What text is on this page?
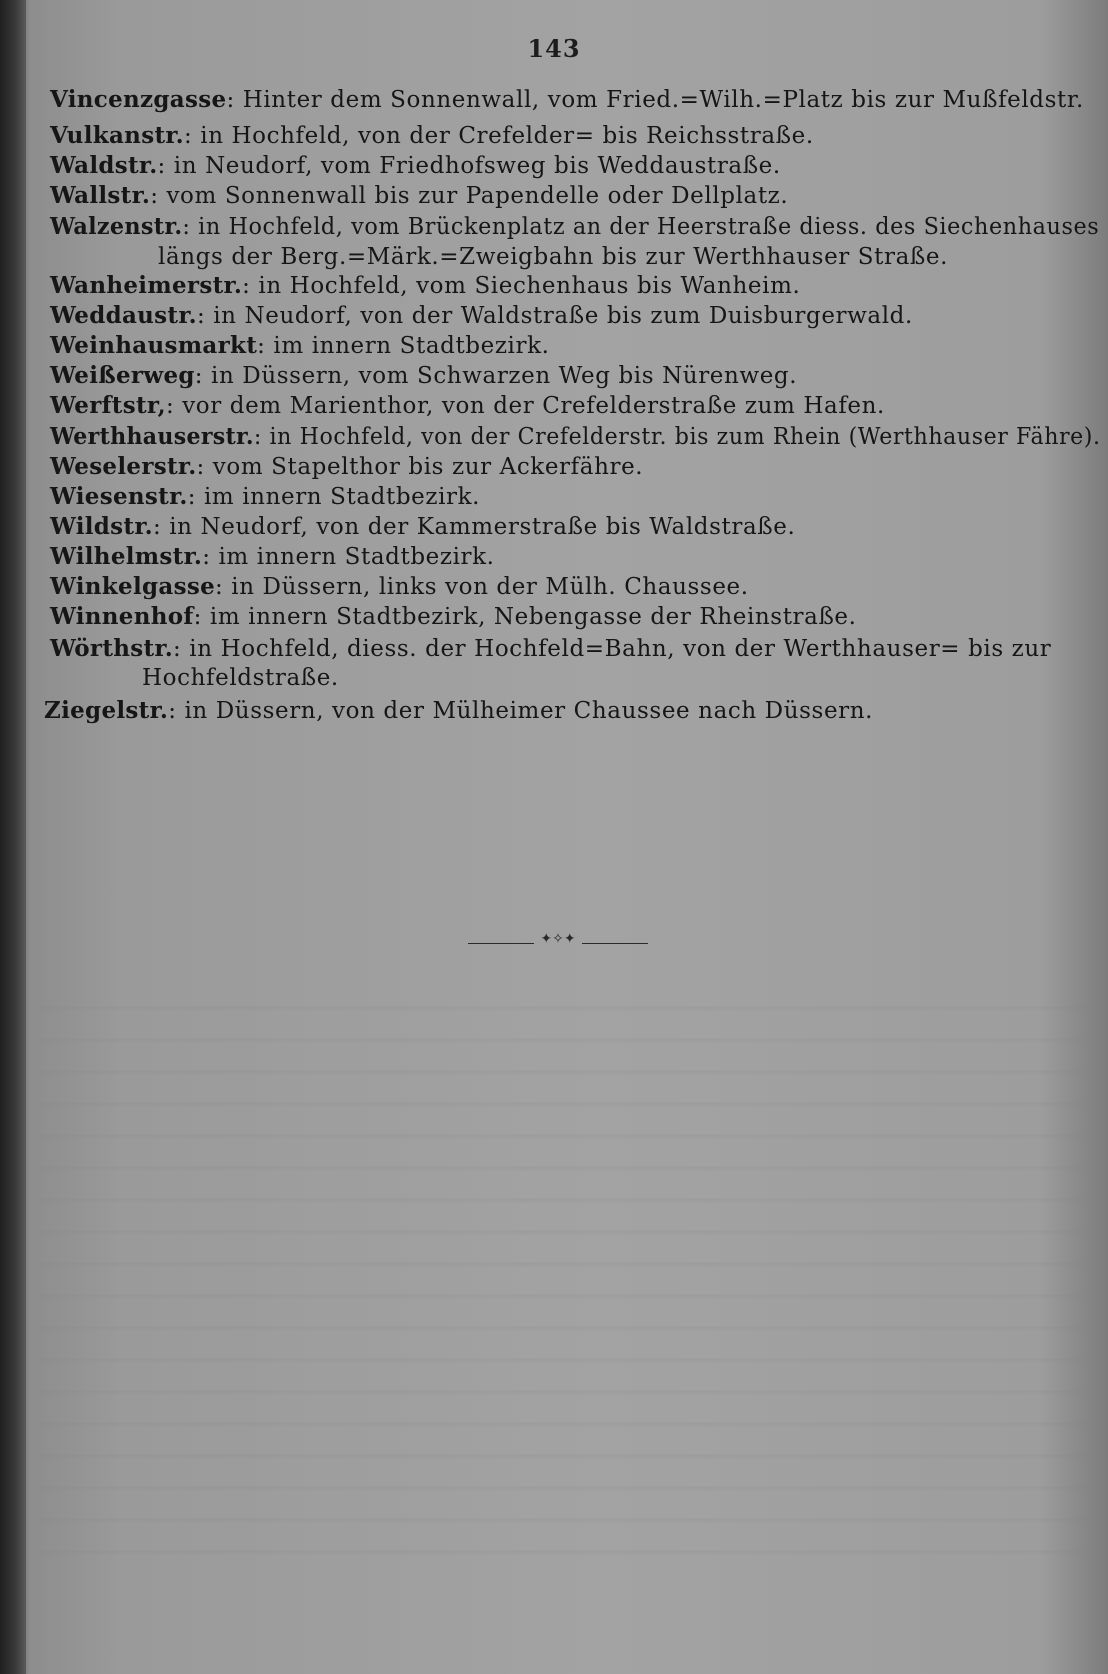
143
Vincenzgasse: Hinter dem Sonnenwall, vom Fried.=Wilh.=Platz bis zur Mußfeldstr.
Vulkanstr.: in Hochfeld, von der Crefelder= bis Reichsstraße.
Waldstr.: in Neudorf, vom Friedhofsweg bis Weddaustraße.
Wallstr.: vom Sonnenwall bis zur Papendelle oder Dellplatz.
Walzenstr.: in Hochfeld, vom Brückenplatz an der Heerstraße diess. des Siechenhauses
längs der Berg.=Märk.=Zweigbahn bis zur Werthhauser Straße.
Wanheimerstr.: in Hochfeld, vom Siechenhaus bis Wanheim.
Weddaustr.: in Neudorf, von der Waldstraße bis zum Duisburgerwald.
Weinhausmarkt: im innern Stadtbezirk.
Weißerweg: in Düssern, vom Schwarzen Weg bis Nürenweg.
Werftstr,: vor dem Marienthor, von der Crefelderstraße zum Hafen.
Werthhauserstr.: in Hochfeld, von der Crefelderstr. bis zum Rhein (Werthhauser Fähre).
Weselerstr.: vom Stapelthor bis zur Ackerfähre.
Wiesenstr.: im innern Stadtbezirk.
Wildstr.: in Neudorf, von der Kammerstraße bis Waldstraße.
Wilhelmstr.: im innern Stadtbezirk.
Winkelgasse: in Düssern, links von der Mülh. Chaussee.
Winnenhof: im innern Stadtbezirk, Nebengasse der Rheinstraße.
Wörthstr.: in Hochfeld, diess. der Hochfeld=Bahn, von der Werthhauser= bis zur
Hochfeldstraße.
Ziegelstr.: in Düssern, von der Mülheimer Chaussee nach Düssern.
✦✧✦
